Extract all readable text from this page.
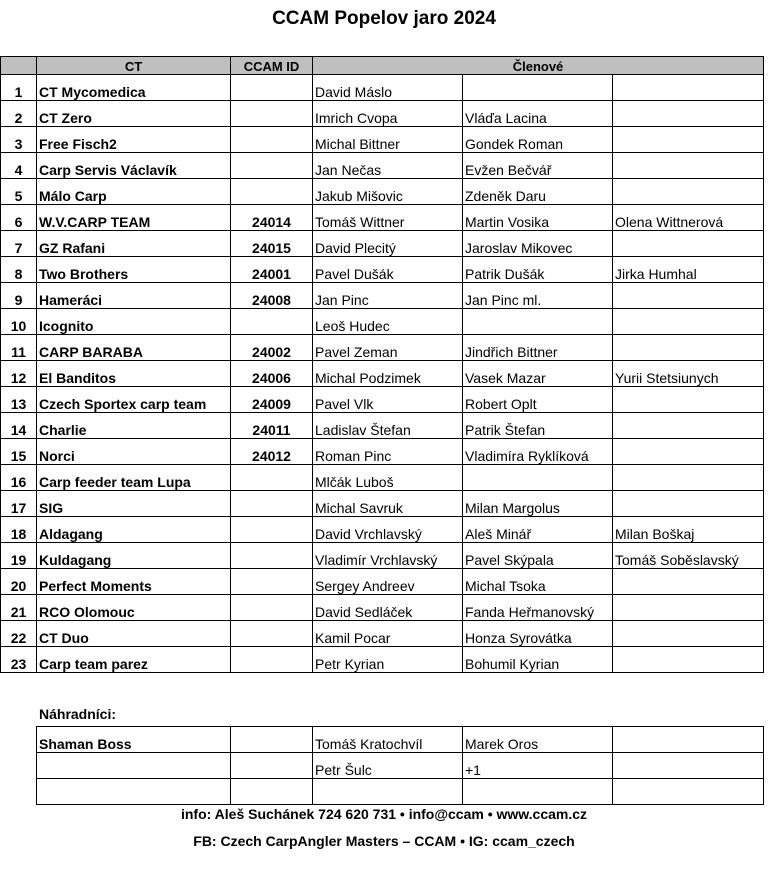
CCAM Popelov jaro 2024
	CT	CCAM ID	Členové		
1	CT Mycomedica		David Máslo		
2	CT Zero		Imrich Cvopa	Vláďa Lacina	
3	Free Fisch2		Michal Bittner	Gondek Roman	
4	Carp Servis Václavík		Jan Nečas	Evžen Bečvář	
5	Málo Carp		Jakub Mišovic	Zdeněk Daru	
6	W.V.CARP TEAM	24014	Tomáš Wittner	Martin Vosika	Olena Wittnerová
7	GZ Rafani	24015	David Plecitý	Jaroslav Mikovec	
8	Two Brothers	24001	Pavel Dušák	Patrik Dušák	Jirka Humhal
9	Hameráci	24008	Jan Pinc	Jan Pinc ml.	
10	Icognito		Leoš Hudec		
11	CARP BARABA	24002	Pavel Zeman	Jindřich Bittner	
12	El Banditos	24006	Michal Podzimek	Vasek Mazar	Yurii Stetsiunych
13	Czech Sportex carp team	24009	Pavel Vlk	Robert Oplt	
14	Charlie	24011	Ladislav Štefan	Patrik Štefan	
15	Norci	24012	Roman Pinc	Vladimíra Ryklíková	
16	Carp feeder team Lupa		Mlčák Luboš		
17	SIG		Michal Savruk	Milan Margolus	
18	Aldagang		David Vrchlavský	Aleš Minář	Milan Boškaj
19	Kuldagang		Vladimír Vrchlavský	Pavel Skýpala	Tomáš Soběslavský
20	Perfect Moments		Sergey Andreev	Michal Tsoka	
21	RCO Olomouc		David Sedláček	Fanda Heřmanovský	
22	CT Duo		Kamil Pocar	Honza Syrovátka	
23	Carp team parez		Petr Kyrian	Bohumil Kyrian	
Náhradníci:
Shaman Boss		Tomáš Kratochvíl	Marek Oros	
		Petr Šulc	+1	

info: Aleš Suchánek 724 620 731 • info@ccam • www.ccam.cz
FB: Czech CarpAngler Masters – CCAM • IG: ccam_czech
